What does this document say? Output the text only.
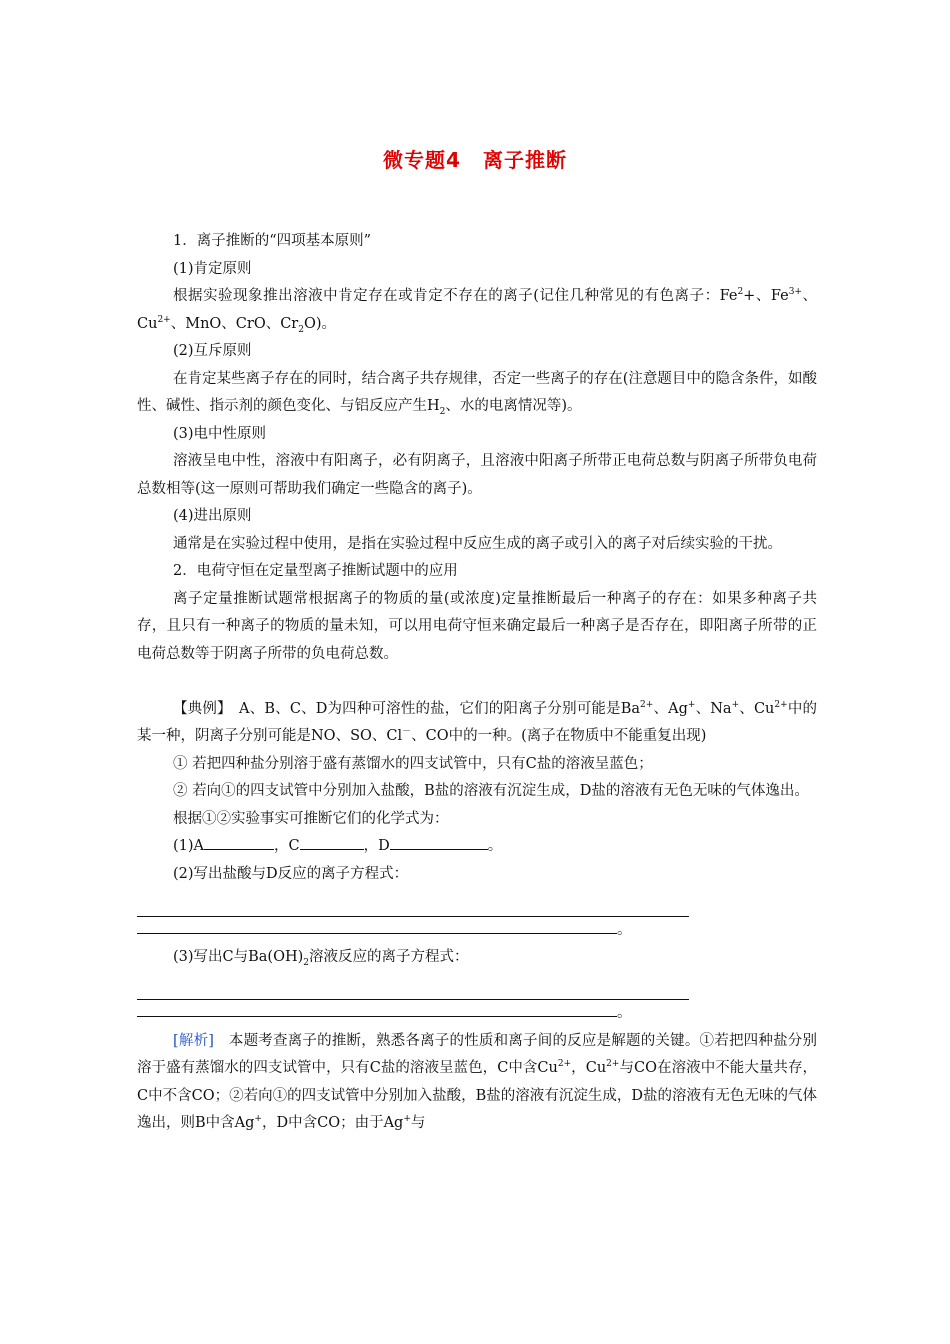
微专题4 离子推断

1．离子推断的“四项基本原则”

(1)肯定原则

根据实验现象推出溶液中肯定存在或肯定不存在的离子(记住几种常见的有色离子：$Fe^2+$、$Fe^{3+}$、$Cu^{2+}$、MnO、CrO、$Cr_2O$)。

(2)互斥原则

在肯定某些离子存在的同时，结合离子共存规律，否定一些离子的存在(注意题目中的隐含条件，如酸性、碱性、指示剂的颜色变化、与铝反应产生$H_2$、水的电离情况等)。

(3)电中性原则

溶液呈电中性，溶液中有阳离子，必有阴离子，且溶液中阳离子所带正电荷总数与阴离子所带负电荷总数相等(这一原则可帮助我们确定一些隐含的离子)。

(4)进出原则

通常是在实验过程中使用，是指在实验过程中反应生成的离子或引入的离子对后续实验的干扰。

2．电荷守恒在定量型离子推断试题中的应用

离子定量推断试题常根据离子的物质的量(或浓度)定量推断最后一种离子的存在：如果多种离子共存，且只有一种离子的物质的量未知，可以用电荷守恒来确定最后一种离子是否存在，即阳离子所带的正电荷总数等于阴离子所带的负电荷总数。

【典例】　A、B、C、D为四种可溶性的盐，它们的阳离子分别可能是$Ba^{2+}$、Ag+、Na+、$Cu^{2+}$中的某一种，阴离子分别可能是NO、SO、Cl－、CO中的一种。(离子在物质中不能重复出现)

① 若把四种盐分别溶于盛有蒸馏水的四支试管中，只有C盐的溶液呈蓝色；

② 若向①的四支试管中分别加入盐酸，B盐的溶液有沉淀生成，D盐的溶液有无色无味的气体逸出。

根据①②实验事实可推断它们的化学式为：

(1)A	，C	，D	。

(2)写出盐酸与D反应的离子方程式：

。

(3)写出C与$Ba(OH)_2$溶液反应的离子方程式：

。

[解析]　本题考查离子的推断，熟悉各离子的性质和离子间的反应是解题的关键。①若把四种盐分别溶于盛有蒸馏水的四支试管中，只有C盐的溶液呈蓝色，C中含$Cu^{2+}$，$Cu^{2+}$与CO在溶液中不能大量共存，C中不含CO；②若向①的四支试管中分别加入盐酸，B盐的溶液有沉淀生成，D盐的溶液有无色无味的气体逸出，则B中含Ag+，D中含CO；由于Ag+与
